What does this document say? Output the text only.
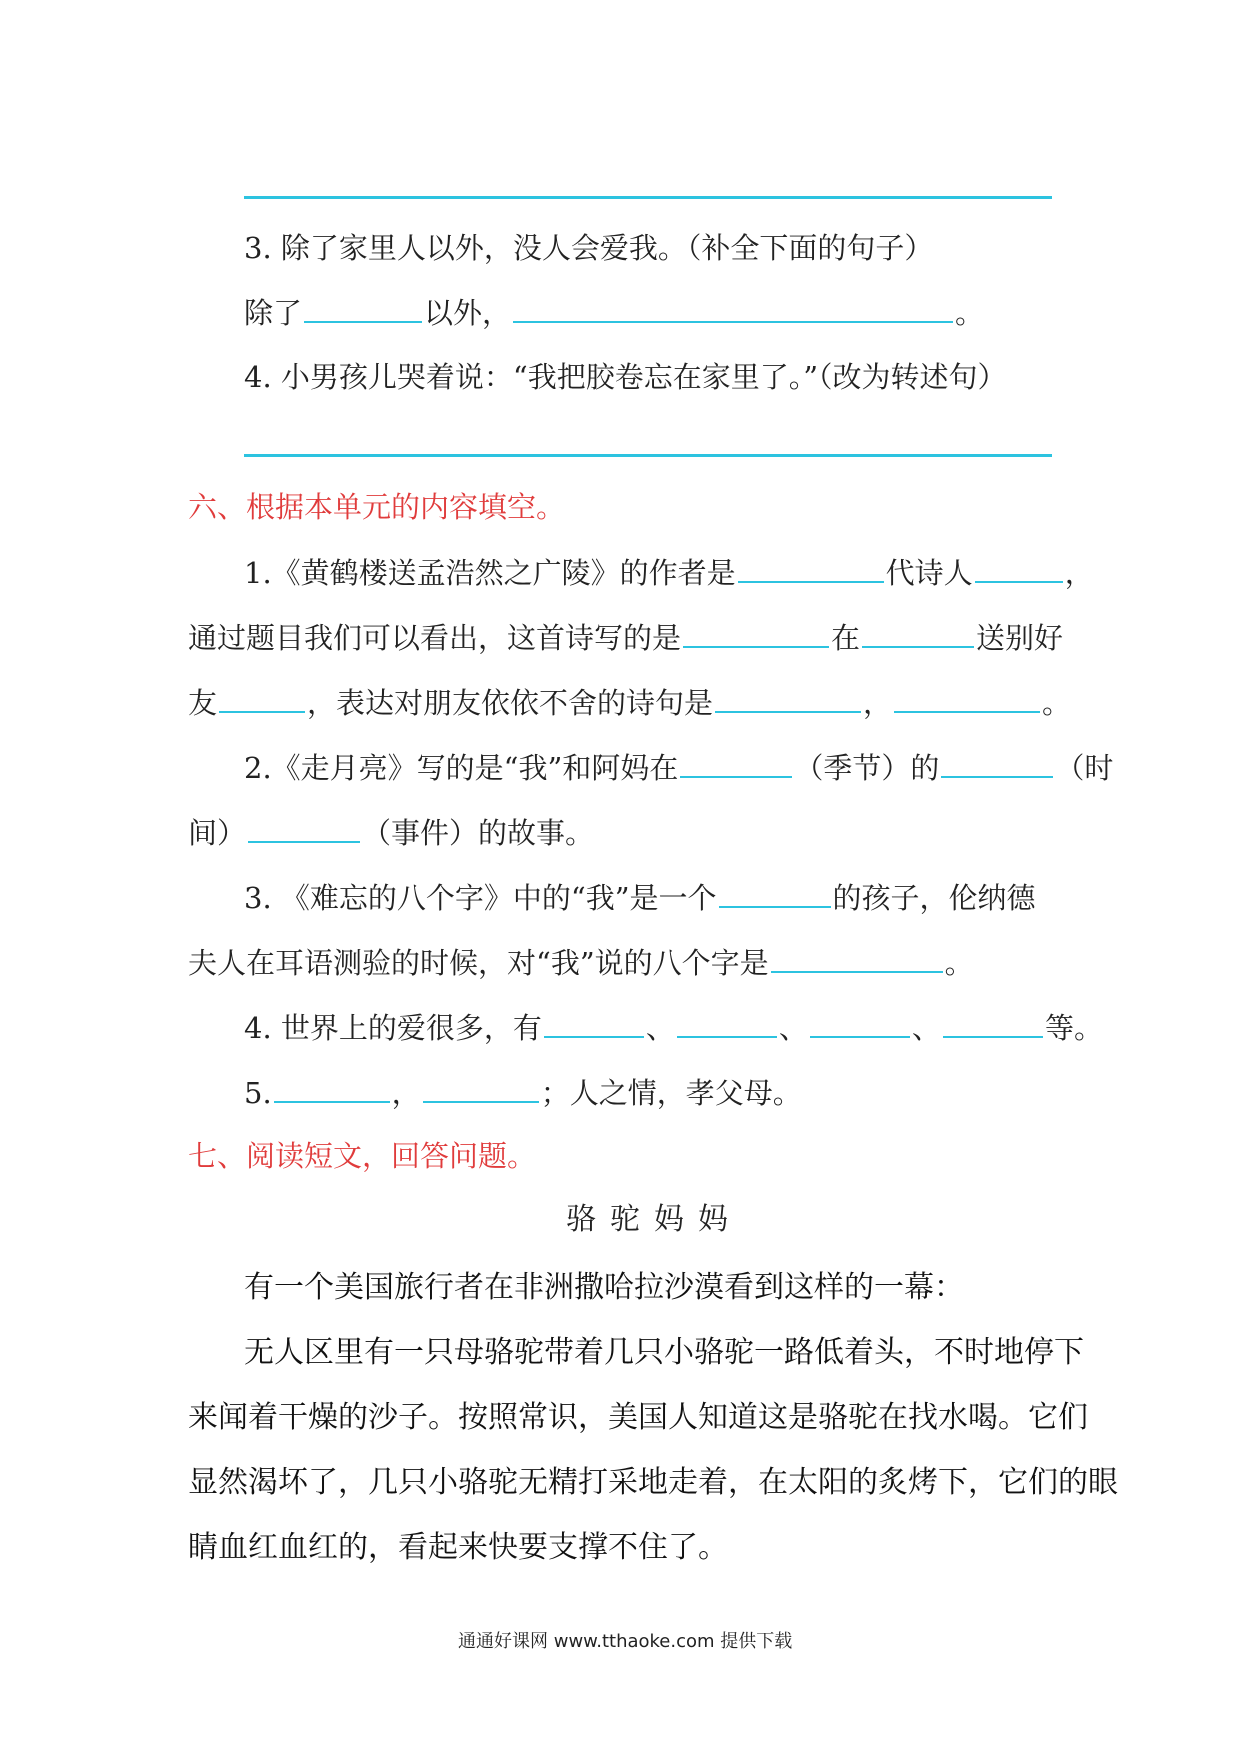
3. 除了家里人以外，没人会爱我。（补全下面的句子）
除了	以外，	。
4. 小男孩儿哭着说：“我把胶卷忘在家里了。”（改为转述句）
六、根据本单元的内容填空。
1.《黄鹤楼送孟浩然之广陵》的作者是	代诗人	，
通过题目我们可以看出，这首诗写的是	在	送别好
友	，表达对朋友依依不舍的诗句是	，	。
2.《走月亮》写的是“我”和阿妈在	（季节）的	（时
间）	（事件）的故事。
3. 《难忘的八个字》中的“我”是一个	的孩子，伦纳德
夫人在耳语测验的时候，对“我”说的八个字是	。
4. 世界上的爱很多，有	、	、	、	等。
5.	，	；人之情，孝父母。
七、阅读短文，回答问题。
骆驼妈妈
有一个美国旅行者在非洲撒哈拉沙漠看到这样的一幕：
无人区里有一只母骆驼带着几只小骆驼一路低着头，不时地停下
来闻着干燥的沙子。按照常识，美国人知道这是骆驼在找水喝。它们
显然渴坏了，几只小骆驼无精打采地走着，在太阳的炙烤下，它们的眼
睛血红血红的，看起来快要支撑不住了。
通通好课网 www.tthaoke.com 提供下载
